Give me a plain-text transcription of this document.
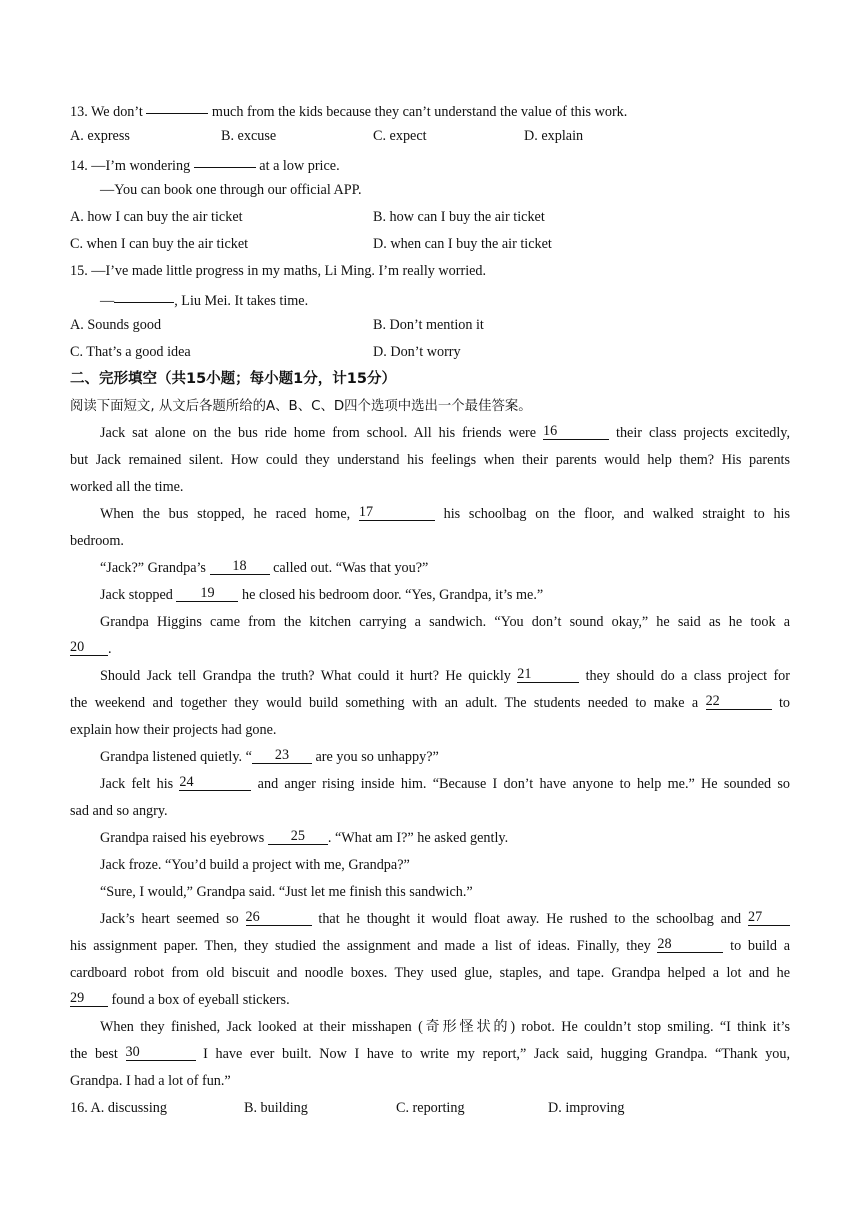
13. We don’t	much from the kids because they can’t understand the value of this work.
A. express	B. excuse	C. expect	D. explain
14. —I’m wondering	at a low price.
—You can book one through our official APP.
A. how I can buy the air ticket	B. how can I buy the air ticket
C. when I can buy the air ticket	D. when can I buy the air ticket
15. —I’ve made little progress in my maths, Li Ming. I’m really worried.
—	, Liu Mei. It takes time.
A. Sounds good	B. Don’t mention it
C. That’s a good idea	D. Don’t worry
二、完形填空（共15小题；每小题1分，计15分）
阅读下面短文, 从文后各题所给的A、B、C、D四个选项中选出一个最佳答案。
Jack sat alone on the bus ride home from school. All his friends were 16	their class projects excitedly,
but Jack remained silent. How could they understand his feelings when their parents would help them? His parents
worked all the time.
When the bus stopped, he raced home, 17	his schoolbag on the floor, and walked straight to his
bedroom.
“Jack?” Grandpa’s 18 called out. “Was that you?”
Jack stopped 19 he closed his bedroom door. “Yes, Grandpa, it’s me.”
Grandpa Higgins came from the kitchen carrying a sandwich. “You don’t sound okay,” he said as he took a
20 .
Should Jack tell Grandpa the truth? What could it hurt? He quickly 21	they should do a class project for
the weekend and together they would build something with an adult. The students needed to make a 22	to
explain how their projects had gone.
Grandpa listened quietly. “ 23 are you so unhappy?”
Jack felt his 24	and anger rising inside him. “Because I don’t have anyone to help me.” He sounded so
sad and so angry.
Grandpa raised his eyebrows 25 . “What am I?” he asked gently.
Jack froze. “You’d build a project with me, Grandpa?”
“Sure, I would,” Grandpa said. “Just let me finish this sandwich.”
Jack’s heart seemed so 26	that he thought it would float away. He rushed to the schoolbag and 27
his assignment paper. Then, they studied the assignment and made a list of ideas. Finally, they 28	to build a
cardboard robot from old biscuit and noodle boxes. They used glue, staples, and tape. Grandpa helped a lot and he
29 found a box of eyeball stickers.
When they finished, Jack looked at their misshapen (奇形怪状的) robot. He couldn’t stop smiling. “I think it’s
the best 30	I have ever built. Now I have to write my report,” Jack said, hugging Grandpa. “Thank you,
Grandpa. I had a lot of fun.”
16. A. discussing	B. building	C. reporting	D. improving
